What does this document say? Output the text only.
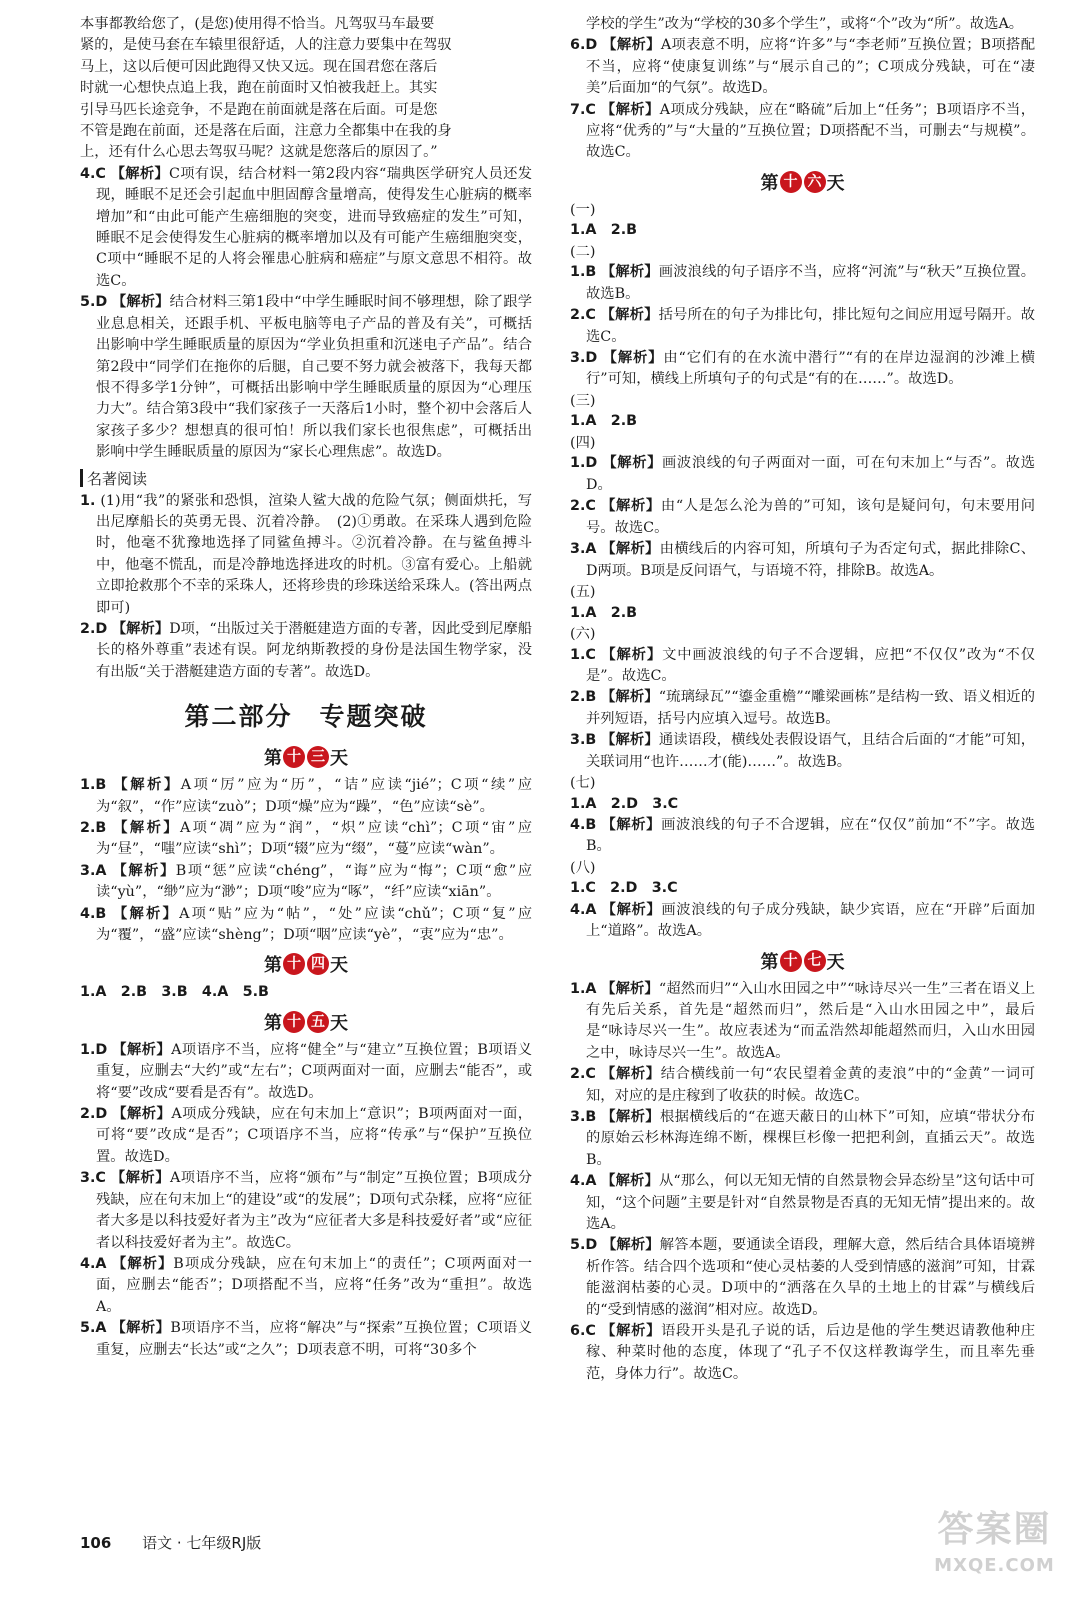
本事都教给您了，(是您)使用得不恰当。凡驾驭马车最要

紧的，是使马套在车辕里很舒适，人的注意力要集中在驾驭

马上，这以后便可因此跑得又快又远。现在国君您在落后

时就一心想快点追上我，跑在前面时又怕被我赶上。其实

引导马匹长途竞争，不是跑在前面就是落在后面。可是您

不管是跑在前面，还是落在后面，注意力全都集中在我的身

上，还有什么心思去驾驭马呢？这就是您落后的原因了。”

4.C 【解析】C项有误，结合材料一第2段内容“瑞典医学研究人员还发现，睡眠不足还会引起血中胆固醇含量增高，使得发生心脏病的概率增加”和“由此可能产生癌细胞的突变，进而导致癌症的发生”可知，睡眠不足会使得发生心脏病的概率增加以及有可能产生癌细胞突变，C项中“睡眠不足的人将会罹患心脏病和癌症”与原文意思不相符。故选C。

5.D 【解析】结合材料三第1段中“中学生睡眠时间不够理想，除了跟学业息息相关，还跟手机、平板电脑等电子产品的普及有关”，可概括出影响中学生睡眠质量的原因为“学业负担重和沉迷电子产品”。结合第2段中“同学们在拖你的后腿，自己要不努力就会被落下，我每天都恨不得多学1分钟”，可概括出影响中学生睡眠质量的原因为“心理压力大”。结合第3段中“我们家孩子一天落后1小时，整个初中会落后人家孩子多少？想想真的很可怕！所以我们家长也很焦虑”，可概括出影响中学生睡眠质量的原因为“家长心理焦虑”。故选D。

名著阅读

1. (1)用“我”的紧张和恐惧，渲染人鲨大战的危险气氛；侧面烘托，写出尼摩船长的英勇无畏、沉着冷静。　(2)①勇敢。在采珠人遇到危险时，他毫不犹豫地选择了同鲨鱼搏斗。②沉着冷静。在与鲨鱼搏斗中，他毫不慌乱，而是冷静地选择进攻的时机。③富有爱心。上船就立即抢救那个不幸的采珠人，还将珍贵的珍珠送给采珠人。(答出两点即可)

2.D 【解析】D项，“出版过关于潜艇建造方面的专著，因此受到尼摩船长的格外尊重”表述有误。阿龙纳斯教授的身份是法国生物学家，没有出版“关于潜艇建造方面的专著”。故选D。

第二部分　专题突破
第 十 三 天

1.B 【解析】A项“厉”应为“历”，“诘”应读“jié”；C项“续”应为“叙”，“作”应读“zuò”；D项“燥”应为“躁”，“色”应读“sè”。

2.B 【解析】A项“凋”应为“润”，“炽”应读“chì”；C项“宙”应为“昼”，“嗤”应读“shì”；D项“辍”应为“缀”，“蔓”应读“wàn”。

3.A 【解析】B项“惩”应读“chéng”，“诲”应为“悔”；C项“愈”应读“yù”，“缈”应为“渺”；D项“唆”应为“啄”，“纤”应读“xiān”。

4.B 【解析】A项“贴”应为“帖”，“处”应读“chǔ”；C项“复”应为“覆”，“盛”应读“shèng”；D项“咽”应读“yè”，“衷”应为“忠”。

第 十 四 天

1.A　2.B　3.B　4.A　5.B

第 十 五 天

1.D 【解析】A项语序不当，应将“健全”与“建立”互换位置；B项语义重复，应删去“大约”或“左右”；C项两面对一面，应删去“能否”，或将“要”改成“要看是否有”。故选D。

2.D 【解析】A项成分残缺，应在句末加上“意识”；B项两面对一面，可将“要”改成“是否”；C项语序不当，应将“传承”与“保护”互换位置。故选D。

3.C 【解析】A项语序不当，应将“颁布”与“制定”互换位置；B项成分残缺，应在句末加上“的建设”或“的发展”；D项句式杂糅，应将“应征者大多是以科技爱好者为主”改为“应征者大多是科技爱好者”或“应征者以科技爱好者为主”。故选C。

4.A 【解析】B项成分残缺，应在句末加上“的责任”；C项两面对一面，应删去“能否”；D项搭配不当，应将“任务”改为“重担”。故选A。

5.A 【解析】B项语序不当，应将“解决”与“探索”互换位置；C项语义重复，应删去“长达”或“之久”；D项表意不明，可将“30多个

学校的学生”改为“学校的30多个学生”，或将“个”改为“所”。故选A。

6.D 【解析】A项表意不明，应将“许多”与“李老师”互换位置；B项搭配不当，应将“使康复训练”与“展示自己的”；C项成分残缺，可在“凄美”后面加“的气氛”。故选D。

7.C 【解析】A项成分残缺，应在“略硫”后加上“任务”；B项语序不当，应将“优秀的”与“大量的”互换位置；D项搭配不当，可删去“与规模”。故选C。

第 十 六 天

(一)

1.A　2.B

(二)

1.B 【解析】画波浪线的句子语序不当，应将“河流”与“秋天”互换位置。故选B。

2.C 【解析】括号所在的句子为排比句，排比短句之间应用逗号隔开。故选C。

3.D 【解析】由“它们有的在水流中潜行”“有的在岸边湿润的沙滩上横行”可知，横线上所填句子的句式是“有的在……”。故选D。

(三)

1.A　2.B

(四)

1.D 【解析】画波浪线的句子两面对一面，可在句末加上“与否”。故选D。

2.C 【解析】由“人是怎么沦为兽的”可知，该句是疑问句，句末要用问号。故选C。

3.A 【解析】由横线后的内容可知，所填句子为否定句式，据此排除C、D两项。B项是反问语气，与语境不符，排除B。故选A。

(五)

1.A　2.B

(六)

1.C 【解析】文中画波浪线的句子不合逻辑，应把“不仅仅”改为“不仅是”。故选C。

2.B 【解析】“琉璃绿瓦”“鎏金重檐”“雕梁画栋”是结构一致、语义相近的并列短语，括号内应填入逗号。故选B。

3.B 【解析】通读语段，横线处表假设语气，且结合后面的“才能”可知，关联词用“也许……才(能)……”。故选B。

(七)

1.A　2.D　3.C

4.B 【解析】画波浪线的句子不合逻辑，应在“仅仅”前加“不”字。故选B。

(八)

1.C　2.D　3.C

4.A 【解析】画波浪线的句子成分残缺，缺少宾语，应在“开辟”后面加上“道路”。故选A。

第 十 七 天

1.A 【解析】“超然而归”“入山水田园之中”“咏诗尽兴一生”三者在语义上有先后关系，首先是“超然而归”，然后是“入山水田园之中”，最后是“咏诗尽兴一生”。故应表述为“而孟浩然却能超然而归，入山水田园之中，咏诗尽兴一生”。故选A。

2.C 【解析】结合横线前一句“农民望着金黄的麦浪”中的“金黄”一词可知，对应的是庄稼到了收获的时候。故选C。

3.B 【解析】根据横线后的“在遮天蔽日的山林下”可知，应填“带状分布的原始云杉林海连绵不断，棵棵巨杉像一把把利剑，直插云天”。故选B。

4.A 【解析】从“那么，何以无知无情的自然景物会异态纷呈”这句话中可知，“这个问题”主要是针对“自然景物是否真的无知无情”提出来的。故选A。

5.D 【解析】解答本题，要通读全语段，理解大意，然后结合具体语境辨析作答。结合四个选项和“使心灵枯萎的人受到情感的滋润”可知，甘霖能滋润枯萎的心灵。D项中的“洒落在久旱的土地上的甘霖”与横线后的“受到情感的滋润”相对应。故选D。

6.C 【解析】语段开头是孔子说的话，后边是他的学生樊迟请教他种庄稼、种菜时他的态度，体现了“孔子不仅这样教诲学生，而且率先垂范，身体力行”。故选C。

106 语文 · 七年级RJ版	答案圈
MXQE.COM
